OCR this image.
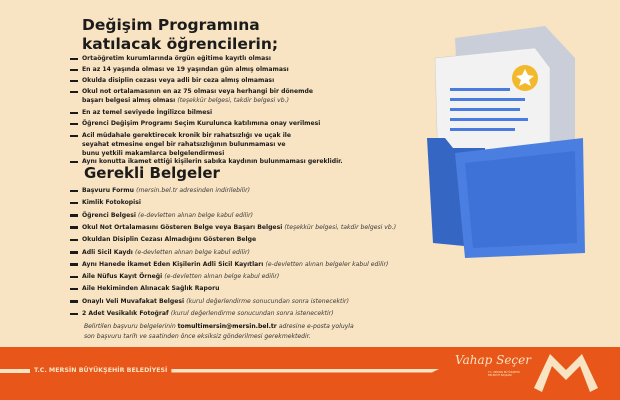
Değişim Programına
katılacak öğrencilerin;
Ortaöğretim kurumlarında örgün eğitime kayıtlı olması
En az 14 yaşında olması ve 19 yaşından gün almış olmaması
Okulda disiplin cezası veya adli bir ceza almış olmaması
Okul not ortalamasının en az 75 olması veya herhangi bir dönemde
başarı belgesi almış olması (teşekkür belgesi, takdir belgesi vb.)
En az temel seviyede İngilizce bilmesi
Öğrenci Değişim Programı Seçim Kurulunca katılımına onay verilmesi
Acil müdahale gerektirecek kronik bir rahatsızlığı ve uçak ile
seyahat etmesine engel bir rahatsızlığının bulunmaması ve
bunu yetkili makamlarca belgelendirmesi
Aynı konutta ikamet ettiği kişilerin sabıka kaydının bulunmaması gereklidir.
Gerekli Belgeler
Başvuru Formu (mersin.bel.tr adresinden indirilebilir)
Kimlik Fotokopisi
Öğrenci Belgesi (e-devletten alınan belge kabul edilir)
Okul Not Ortalamasını Gösteren Belge veya Başarı Belgesi (teşekkür belgesi, takdir belgesi vb.)
Okuldan Disiplin Cezası Almadığını Gösteren Belge
Adli Sicil Kaydı (e-devletten alınan belge kabul edilir)
Aynı Hanede İkamet Eden Kişilerin Adli Sicil Kayıtları (e-devletten alınan belgeler kabul edilir)
Aile Nüfus Kayıt Örneği (e-devletten alınan belge kabul edilir)
Aile Hekiminden Alınacak Sağlık Raporu
Onaylı Veli Muvafakat Belgesi (kurul değerlendirme sonucundan sonra istenecektir)
2 Adet Vesikalık Fotoğraf (kurul değerlendirme sonucundan sonra istenecektir)
Belirtilen başvuru belgelerinin tomultimersin@mersin.bel.tr adresine e-posta yoluyla
son başvuru tarih ve saatinden önce eksiksiz gönderilmesi gerekmektedir.
T.C. MERSİN BÜYÜKŞEHİR BELEDİYESİ
Vahap Seçer
T.C. MERSİN BÜYÜKŞEHİR
BELEDİYE BAŞKANI
